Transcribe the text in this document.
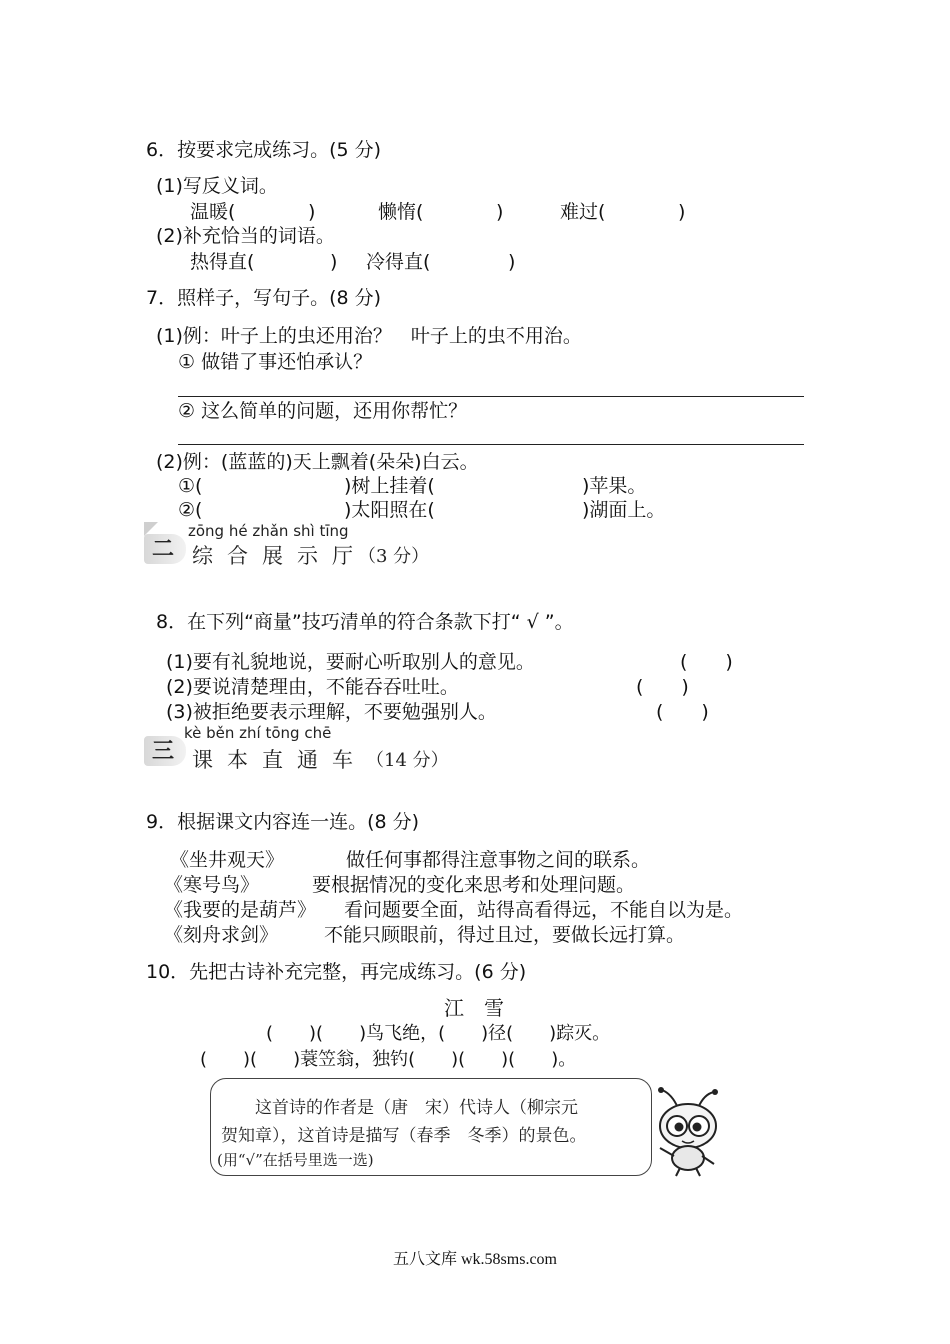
6．按要求完成练习。(5 分)
(1)写反义词。
温暖(	)	懒惰(	)	难过(	)
(2)补充恰当的词语。
热得直(	) 冷得直(	)
7．照样子，写句子。(8 分)
(1)例：叶子上的虫还用治？　叶子上的虫不用治。
① 做错了事还怕承认？
② 这么简单的问题，还用你帮忙？
(2)例：(蓝蓝的)天上飘着(朵朵)白云。
①(	)树上挂着(	)苹果。
②(	)太阳照在(	)湖面上。
二
zōng hé zhǎn shì tīng
综合展示厅
（3 分）
8．在下列“商量”技巧清单的符合条款下打“ √ ”。
(1)要有礼貌地说，要耐心听取别人的意见。	(　　)
(2)要说清楚理由，不能吞吞吐吐。	(　　)
(3)被拒绝要表示理解，不要勉强别人。	(　　)
三
kè běn zhí tōng chē
课本直通车 （14 分）
9．根据课文内容连一连。(8 分)
《坐井观天》	做任何事都得注意事物之间的联系。
《寒号鸟》	要根据情况的变化来思考和处理问题。
《我要的是葫芦》 看问题要全面，站得高看得远，不能自以为是。
《刻舟求剑》 不能只顾眼前，得过且过，要做长远打算。
10．先把古诗补充完整，再完成练习。(6 分)
江　雪
(　　)(　　)鸟飞绝，(　　)径(　　)踪灭。
(　　)(　　)蓑笠翁，独钓(　　)(　　)(　　)。
这首诗的作者是（唐　宋）代诗人（柳宗元
贺知章），这首诗是描写（春季　冬季）的景色。
(用“√”在括号里选一选)
五八文库 wk.58sms.com
